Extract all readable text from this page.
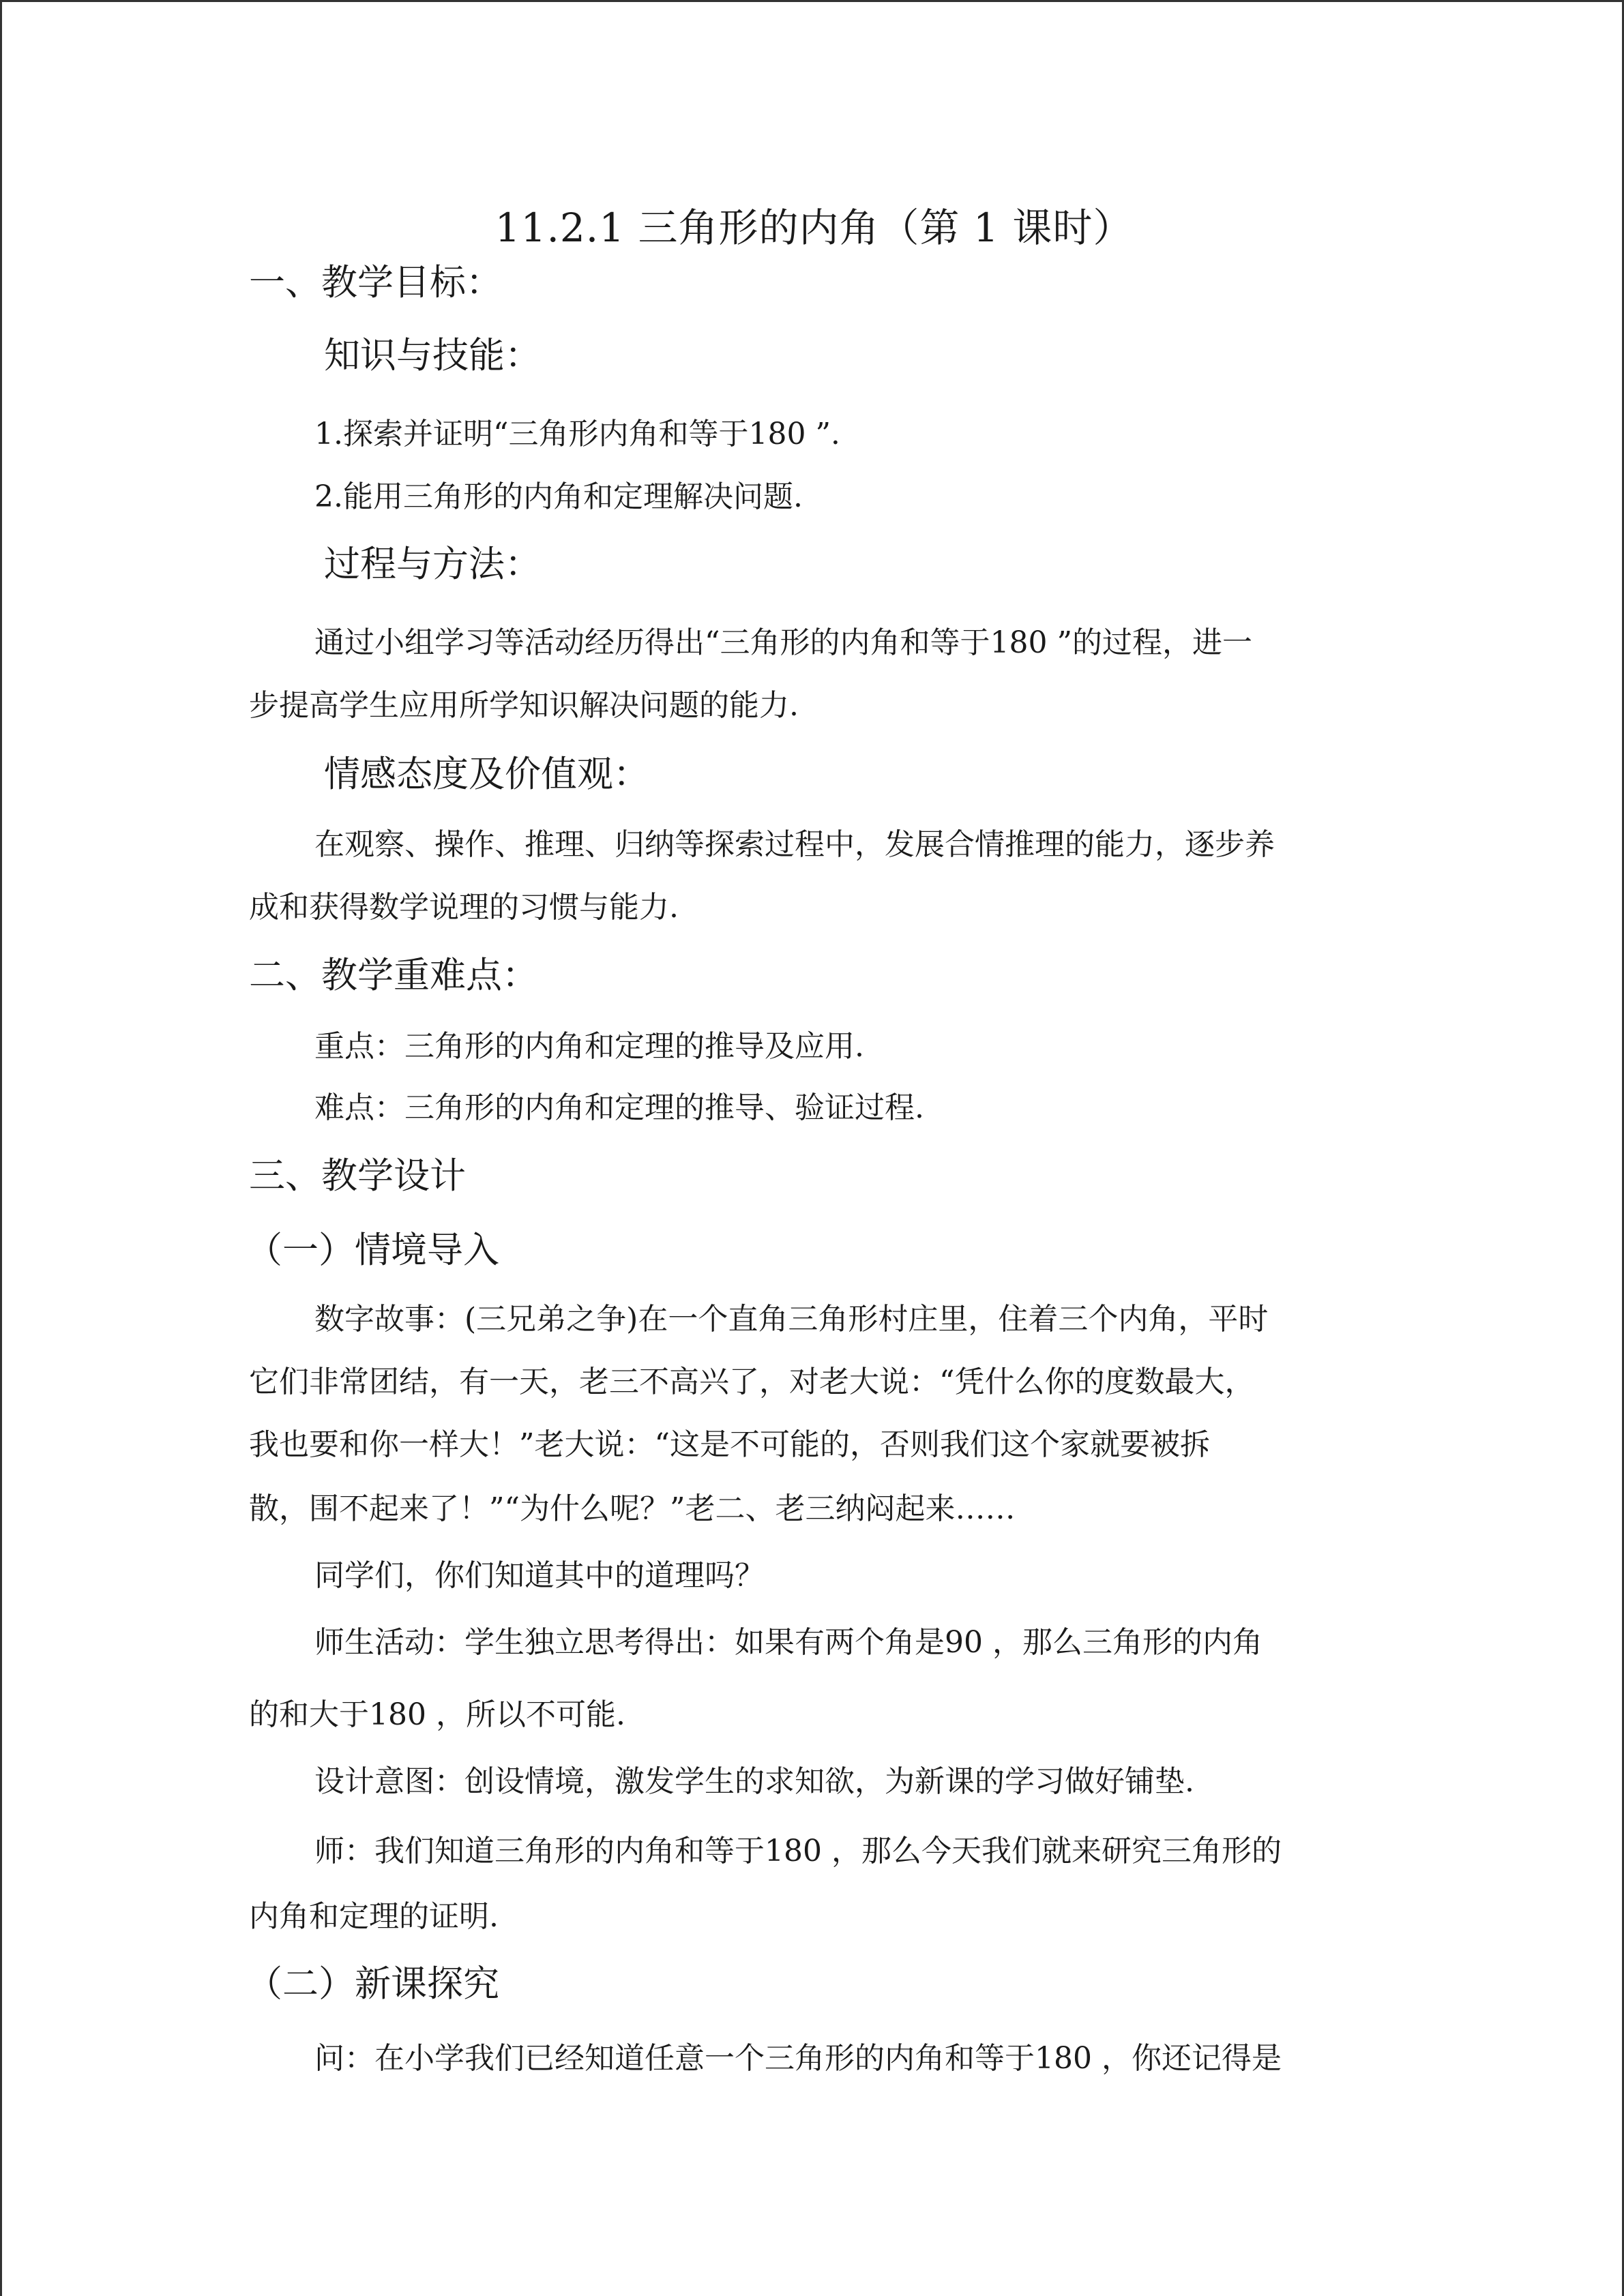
11.2.1 三角形的内角（第 1 课时）
一、教学目标：
知识与技能：
1.探索并证明“三角形内角和等于180 ”.
2.能用三角形的内角和定理解决问题.
过程与方法：
通过小组学习等活动经历得出“三角形的内角和等于180 ”的过程，进一
步提高学生应用所学知识解决问题的能力.
情感态度及价值观：
在观察、操作、推理、归纳等探索过程中，发展合情推理的能力，逐步养
成和获得数学说理的习惯与能力.
二、教学重难点：
重点：三角形的内角和定理的推导及应用.
难点：三角形的内角和定理的推导、验证过程.
三、教学设计
（一）情境导入
数字故事：(三兄弟之争)在一个直角三角形村庄里，住着三个内角，平时
它们非常团结，有一天，老三不高兴了，对老大说：“凭什么你的度数最大，
我也要和你一样大！”老大说：“这是不可能的，否则我们这个家就要被拆
散，围不起来了！”“为什么呢？”老二、老三纳闷起来……
同学们，你们知道其中的道理吗？
师生活动：学生独立思考得出：如果有两个角是90 ，那么三角形的内角
的和大于180 ，所以不可能.
设计意图：创设情境，激发学生的求知欲，为新课的学习做好铺垫.
师：我们知道三角形的内角和等于180 ，那么今天我们就来研究三角形的
内角和定理的证明.
（二）新课探究
问：在小学我们已经知道任意一个三角形的内角和等于180 ，你还记得是
